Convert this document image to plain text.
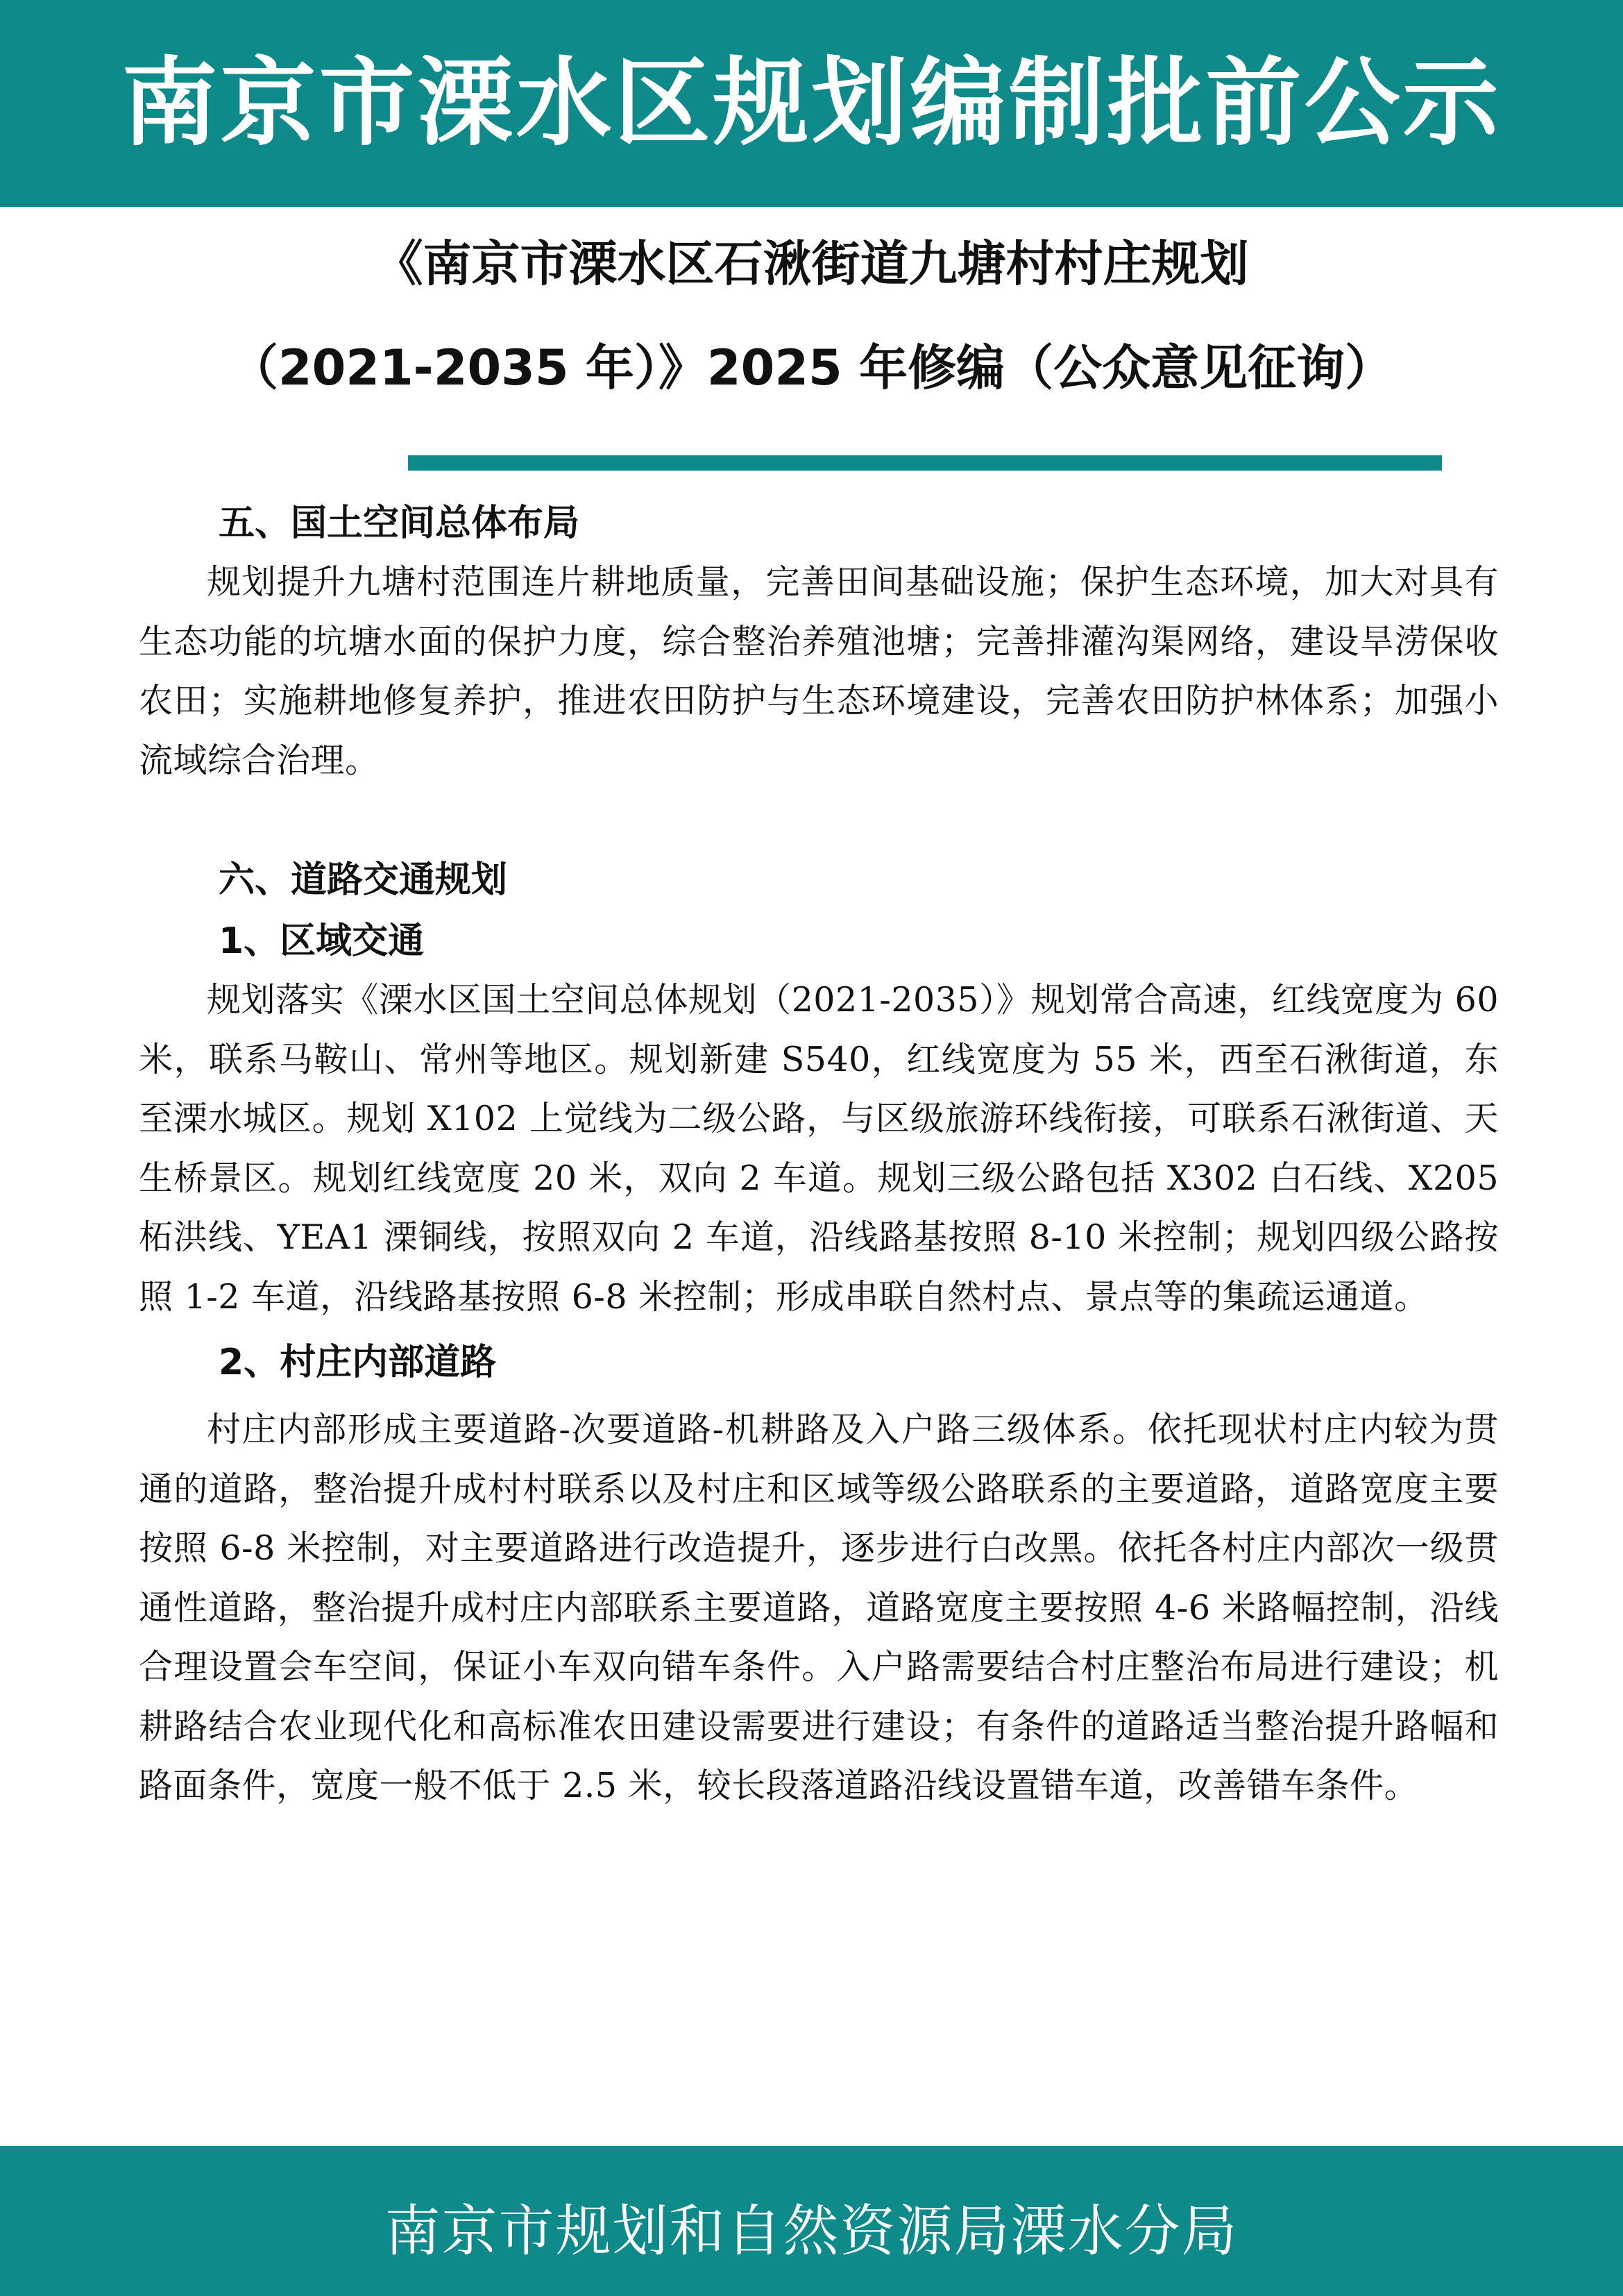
南京市溧水区规划编制批前公示
《南京市溧水区石湫街道九塘村村庄规划
（2021-2035 年）》2025 年修编（公众意见征询）
五、国土空间总体布局

规划提升九塘村范围连片耕地质量，完善田间基础设施；保护生态环境，加大对具有生态功能的坑塘水面的保护力度，综合整治养殖池塘；完善排灌沟渠网络，建设旱涝保收农田；实施耕地修复养护，推进农田防护与生态环境建设，完善农田防护林体系；加强小流域综合治理。

六、道路交通规划
1、区域交通

规划落实《溧水区国土空间总体规划（2021-2035）》规划常合高速，红线宽度为 60 米，联系马鞍山、常州等地区。规划新建 S540，红线宽度为 55 米，西至石湫街道，东至溧水城区。规划 X102 上觉线为二级公路，与区级旅游环线衔接，可联系石湫街道、天生桥景区。规划红线宽度 20 米，双向 2 车道。规划三级公路包括 X302 白石线、X205 柘洪线、YEA1 溧铜线，按照双向 2 车道，沿线路基按照 8-10 米控制；规划四级公路按照 1-2 车道，沿线路基按照 6-8 米控制；形成串联自然村点、景点等的集疏运通道。

2、村庄内部道路

村庄内部形成主要道路-次要道路-机耕路及入户路三级体系。依托现状村庄内较为贯通的道路，整治提升成村村联系以及村庄和区域等级公路联系的主要道路，道路宽度主要按照 6-8 米控制，对主要道路进行改造提升，逐步进行白改黑。依托各村庄内部次一级贯通性道路，整治提升成村庄内部联系主要道路，道路宽度主要按照 4-6 米路幅控制，沿线合理设置会车空间，保证小车双向错车条件。入户路需要结合村庄整治布局进行建设；机耕路结合农业现代化和高标准农田建设需要进行建设；有条件的道路适当整治提升路幅和路面条件，宽度一般不低于 2.5 米，较长段落道路沿线设置错车道，改善错车条件。

南京市规划和自然资源局溧水分局
